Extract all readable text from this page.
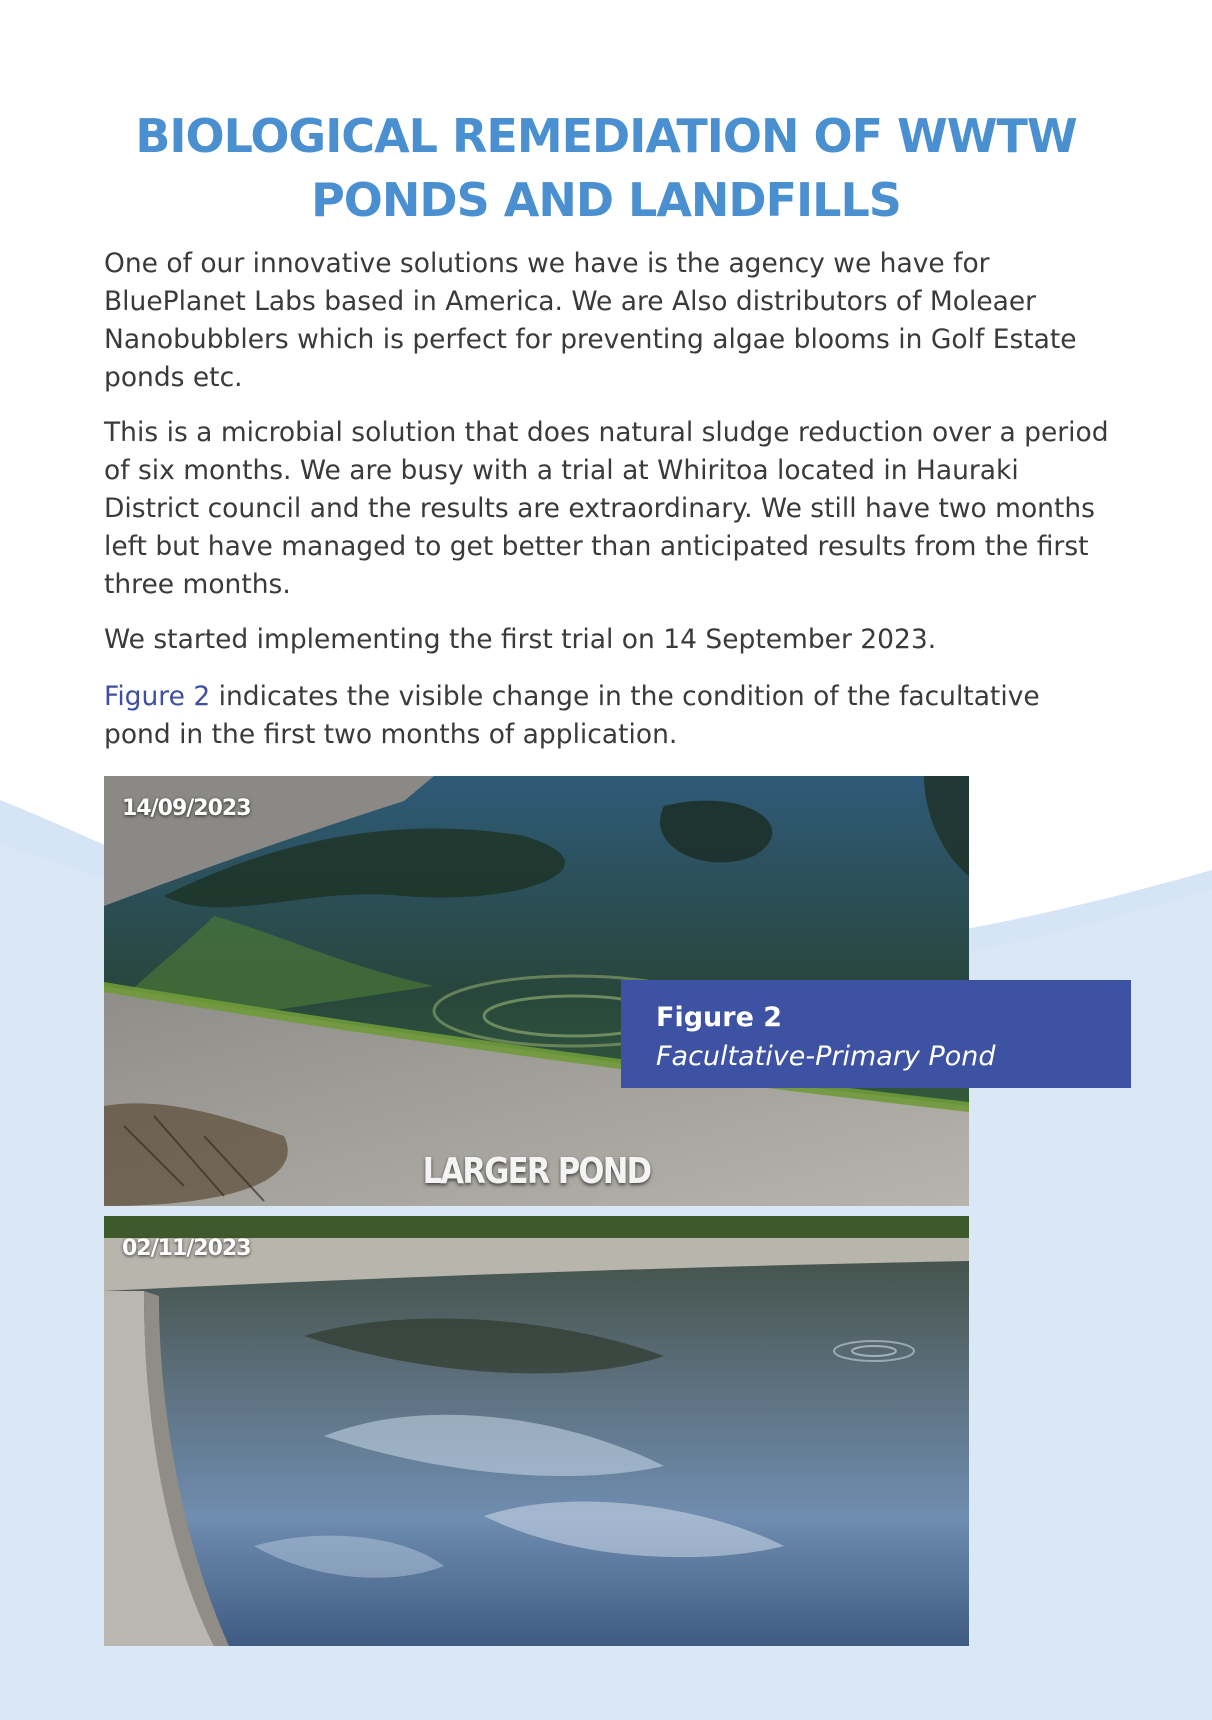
BIOLOGICAL REMEDIATION OF WWTW
PONDS AND LANDFILLS

One of our innovative solutions we have is the agency we have for BluePlanet Labs based in America. We are Also distributors of Moleaer Nanobubblers which is perfect for preventing algae blooms in Golf Estate ponds etc.

This is a microbial solution that does natural sludge reduction over a period of six months. We are busy with a trial at Whiritoa located in Hauraki District council and the results are extraordinary. We still have two months left but have managed to get better than anticipated results from the first three months.

We started implementing the first trial on 14 September 2023.

Figure 2 indicates the visible change in the condition of the facultative pond in the first two months of application.

14/09/2023
LARGER POND
02/11/2023
Figure 2
Facultative-Primary Pond
